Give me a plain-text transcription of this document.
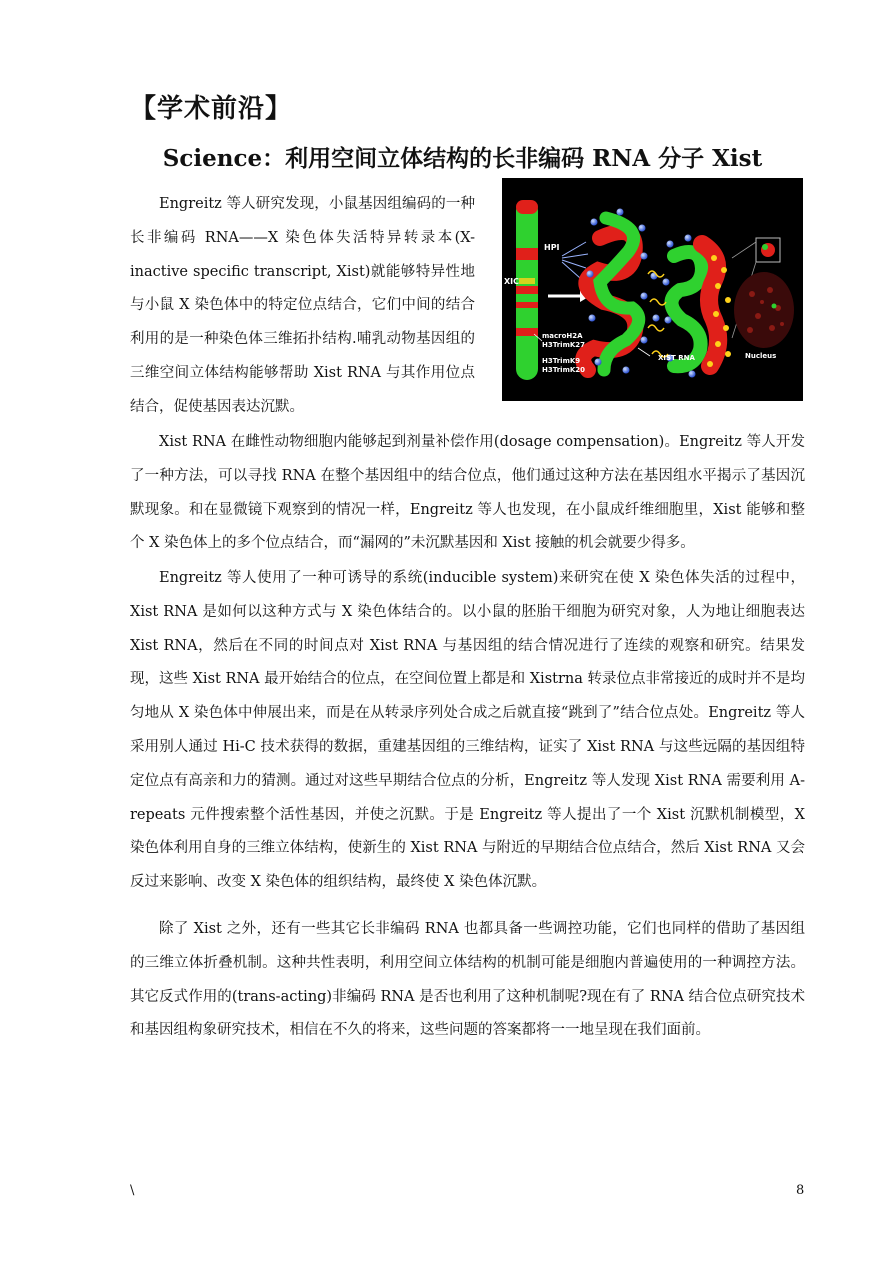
【学术前沿】
Science：利用空间立体结构的长非编码 RNA 分子 Xist

Engreitz 等人研究发现，小鼠基因组编码的一种长非编码 RNA——X 染色体失活特异转录本(X-inactive specific transcript, Xist)就能够特异性地与小鼠 X 染色体中的特定位点结合，它们中间的结合利用的是一种染色体三维拓扑结构.哺乳动物基因组的三维空间立体结构能够帮助 Xist RNA 与其作用位点结合，促使基因表达沉默。

HPI
XIC
macroH2A
H3TrimK27
H3TrimK9
H3TrimK20
XIST RNA	Nucleus

Xist RNA 在雌性动物细胞内能够起到剂量补偿作用(dosage compensation)。Engreitz 等人开发了一种方法，可以寻找 RNA 在整个基因组中的结合位点，他们通过这种方法在基因组水平揭示了基因沉默现象。和在显微镜下观察到的情况一样，Engreitz 等人也发现，在小鼠成纤维细胞里，Xist 能够和整个 X 染色体上的多个位点结合，而“漏网的”未沉默基因和 Xist 接触的机会就要少得多。

Engreitz 等人使用了一种可诱导的系统(inducible system)来研究在使 X 染色体失活的过程中，Xist RNA 是如何以这种方式与 X 染色体结合的。以小鼠的胚胎干细胞为研究对象，人为地让细胞表达 Xist RNA，然后在不同的时间点对 Xist RNA 与基因组的结合情况进行了连续的观察和研究。结果发现，这些 Xist RNA 最开始结合的位点，在空间位置上都是和 Xistrna 转录位点非常接近的成时并不是均匀地从 X 染色体中伸展出来，而是在从转录序列处合成之后就直接“跳到了”结合位点处。Engreitz 等人采用别人通过 Hi-C 技术获得的数据，重建基因组的三维结构，证实了 Xist RNA 与这些远隔的基因组特定位点有高亲和力的猜测。通过对这些早期结合位点的分析，Engreitz 等人发现 Xist RNA 需要利用 A-repeats 元件搜索整个活性基因，并使之沉默。于是 Engreitz 等人提出了一个 Xist 沉默机制模型，X 染色体利用自身的三维立体结构，使新生的 Xist RNA 与附近的早期结合位点结合，然后 Xist RNA 又会反过来影响、改变 X 染色体的组织结构，最终使 X 染色体沉默。

除了 Xist 之外，还有一些其它长非编码 RNA 也都具备一些调控功能，它们也同样的借助了基因组的三维立体折叠机制。这种共性表明，利用空间立体结构的机制可能是细胞内普遍使用的一种调控方法。其它反式作用的(trans-acting)非编码 RNA 是否也利用了这种机制呢?现在有了 RNA 结合位点研究技术和基因组构象研究技术，相信在不久的将来，这些问题的答案都将一一地呈现在我们面前。

\	8
